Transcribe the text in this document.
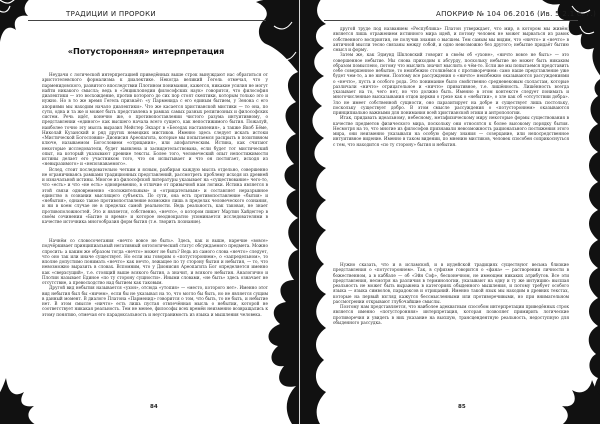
ТРАДИЦИИ И ПРОРОКИ
«Потусторонняя» интерпретация

Неудачи с логической интерпретацией приведённых выше строк вынуждают нас обратиться от аристотелевского формализма к диалектике. Некогда великий Гегель отмечал, что у парменидовского, развитого впоследствии Плотином понимания, кажется, никакие усилия не могут найти никакого смысла; ведь в «Энциклопедии философских наук» говорится, что философия диалектики — это восхождение, против которого до сих пор стоят скептики, которым только это и нужно. Но в то же время Гегель признаёт: «у Парменида с его единым бытием, у Зенона с его апориями мы находим начало диалектики». Что же касается христианской мистики — то она, по сути, одна и та же и может быть представлена в рамках самых разных религиозных и философских систем. Речь идёт, конечно же, о противопоставлении чистого разума интуитивному, о представлении «единого» как высшего начала всего сущего, как непостижимого бытия. Пожалуй, наиболее точно эту мысль выразил Мейстер Экхарт в «Беседах наставления», а также Якоб Бёме, Николай Кузанский и ряд других немецких мистиков. Именно здесь следует искать истоки «Мистической Богословии» Дионисия Ареопагита, которые мы попытаемся раскрыть в позитивном ключе, называемом Богословием «отрицания», или апофатическим. Истина, как считают некоторые исследователи, будет выявлена и засвидетельствована, если будет тот мистический опыт, на который указывают древние тексты. Более того, человеческий опыт непостижимости истины делает его участником того, что он испытывает и что он постигает, исходя из «невыразимого» и «непознаваемого».

Вслед, стоит последовательно четким и ясным, разбирая каждую мысль отдельно, совершенно не ограничиваясь рамками традиционных представлений, рассмотреть проблему исходя из древней и изначальной истины. Многое из философской литературы указывает на «существование» чего-то, что «есть» и что «не есть» одновременно, в отличие от привычной нам логики. Истина является в этой связи одновременно «положительным» и «отрицательным» и составляет неразрывное единство в сознании мыслящего субъекта. По сути, она есть противопоставление «бытия» и «небытия», однако такое противопоставление возможно лишь в пределах человеческого сознания, и ни в коем случае не в пределах самой реальности. Ведь реальность, как таковая, не знает противоположностей. Это и является, собственно, «нечто», о котором пишет Мартин Хайдеггер в своём сочинении «Бытие и время» и которое неоднократно упоминается исследователями в качестве источника многообразия форм бытия (т.е. творить познание).

Начнём со словосочетания «нечто вовсе не быть». Здесь, как и выше, наречие «вовсе» подчёркивает принципиальный негативный онтологический статус обсуждаемого предмета. Можно спросить: а каким же образом тогда «нечто» может не быть? Ведь из самого слова «нечто» следует, что оно так или иначе существует. Но если мы говорим о «потустороннем», о «запредельном», то вполне допустимо понимать «нечто» как нечто, лежащее по ту сторону бытия и небытия, — то, что невозможно выразить в словах. Вспомним, что у Дионисия Ареопагита Бог определяется именно как «сверхсущий», т.е. стоящий выше всякого бытия, а значит, и всякого небытия. Аналогично и Плотин называет Единое «по ту сторону сущности». Иными словами, «не быть» здесь означает не отсутствие, а превосходство над бытием как таковым.

Другой вид небытия называется «ухон», отсюда «утопия» — «место, которого нет». Именно этот вид небытия был бы «ничем», если бы не указывал на то, что могло бы быть, но не является сущим в данный момент. В диалоге Платона «Парменид» говорится о том, что быть, то не быть, и небытие нет. В этом смысле «ничто» есть лишь пустая отвлечённая мысль о небытии, которой не соответствует никакая реальность. Тем не менее, философы всех времён неизменно возвращались к этому понятию, отмечая его парадоксальность и неустранимость из языка и мышления человека.

84
АПОКРИФ № 104 06.2016 (Ив. 5 2.1 е. г.)

другой труде под названием «Республика» Платон утверждает, что мир, в котором мы живём, является лишь отражением истинного мира идей, и потому человек не может вырваться из рамок собственного восприятия, не получив знания о высшем. Тем самым мы видим, что «ничто» и «нечто» в античной мысли тесно связаны между собой, и одно невозможно без другого; небытие придаёт бытию смысл и форму.

Затем же, как Эдмунд Шкловский говорит в своём об «ухоне», «ничто вовсе не быть» — это совершенное небытие. Мы снова приходим к абсурду, поскольку небытие не может быть никаким образом помыслено, потому что мыслить значит мыслить о чём-то. Если же мы попытаемся представить себе совершенное небытие, то неизбежно столкнёмся с противоречием: само наше представление уже будет чем-то, а не ничем. Поэтому все рассуждения о «ничто» неизбежно оказываются рассуждениями о «нечто», пусть и особого рода. Это понимание было свойственно средневековым схоластам, которые различали «ничто» отрицательное и «ничто» привативное, т.е. лишённость. Лишённость всегда указывает на то, чего нет, но что должно быть. Именно в этом контексте следует понимать и многочисленные высказывания отцов церкви о грехе как о «небытии», о зле как об «отсутствии добра». Зло не имеет собственной сущности, оно паразитирует на добре и существует лишь постольку, поскольку существует добро. В этом смысле рассуждения о «потустороннем» оказываются принципиально важными для понимания всей христианской этики и антропологии.

Итак, придавать идеальному, небесному, метафизическому миру некоторые формы существования в качестве предметов физического мира, поскольку они относятся к более высокому порядку бытия. Несмотря на то, что многие из философов признавали невозможность рационального постижения этого мира, они неизменно указывали на особую форму знания — созерцание, или непосредственное интуитивное видение. Именно в таком видении, по мнению мистиков, человек способен соприкоснуться с тем, что находится «по ту сторону» бытия и небытия.

Нужно сказать, что и в исламской, и в иудейской традициях существуют весьма близкие представления о «потустороннем». Так, в суфизме говорится о «фана» — растворении личности в божественном, а в каббале — об «Эйн Соф», бесконечном, не имеющем никаких атрибутов. Все эти представления, несмотря на различия в терминологии, указывают на одну и ту же интуицию: высшая реальность не может быть выражена в категориях обыденного мышления, и потому требует особого языка — языка символов, парадоксов и отрицаний. Именно такой язык мы находим в древних текстах, которые на первый взгляд кажутся бессмысленными или противоречивыми, но при внимательном рассмотрении открывают глубочайшие смыслы.

Поэтому нам представляется, что наиболее адекватным способом интерпретации приведённых строк является именно «потусторонняя» интерпретация, которая позволяет примирить логические противоречия и увидеть в них указание на высшую, трансцендентную реальность, недоступную для обыденного рассудка.

85
